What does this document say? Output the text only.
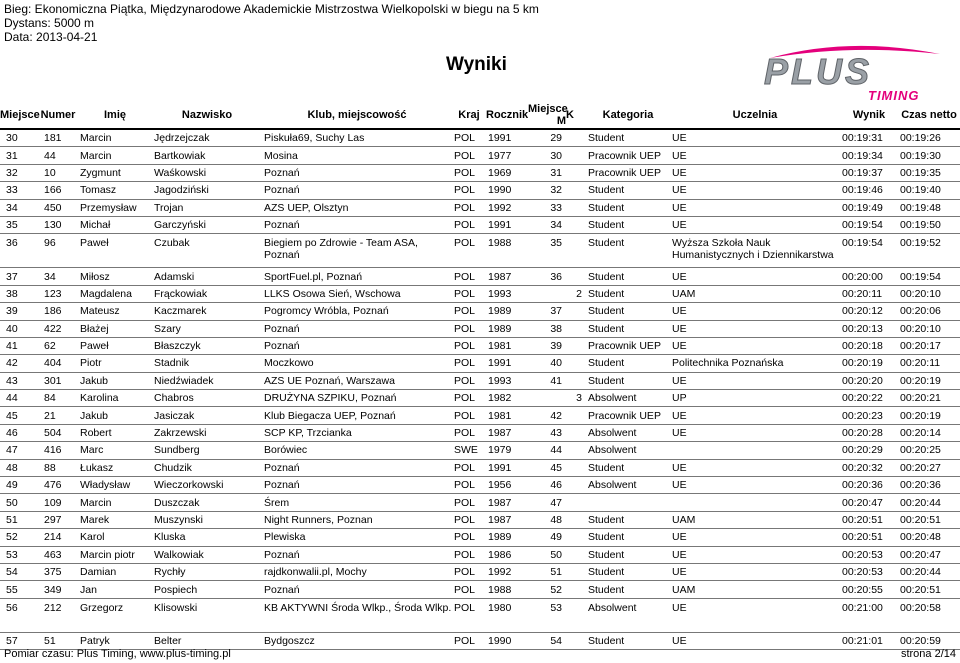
Bieg: Ekonomiczna Piątka, Międzynarodowe Akademickie Mistrzostwa Wielkopolski w biegu na 5 km
Dystans: 5000 m
Data: 2013-04-21
Wyniki	PLUS
TIMING
Miejsce	Numer	Imię	Nazwisko	Klub, miejscowość	Kraj	Rocznik	Miejsce M	K	Kategoria	Uczelnia	Wynik	Czas netto
30	181	Marcin	Jędrzejczak	Piskuła69, Suchy Las	POL	1991	29		Student	UE	00:19:31	00:19:26
31	44	Marcin	Bartkowiak	Mosina	POL	1977	30		Pracownik UEP	UE	00:19:34	00:19:30
32	10	Zygmunt	Waśkowski	Poznań	POL	1969	31		Pracownik UEP	UE	00:19:37	00:19:35
33	166	Tomasz	Jagodziński	Poznań	POL	1990	32		Student	UE	00:19:46	00:19:40
34	450	Przemysław	Trojan	AZS UEP, Olsztyn	POL	1992	33		Student	UE	00:19:49	00:19:48
35	130	Michał	Garczyński	Poznań	POL	1991	34		Student	UE	00:19:54	00:19:50
36	96	Paweł	Czubak	Biegiem po Zdrowie - Team ASA, Poznań	POL	1988	35		Student	Wyższa Szkoła Nauk Humanistycznych i Dziennikarstwa	00:19:54	00:19:52
37	34	Miłosz	Adamski	SportFuel.pl, Poznań	POL	1987	36		Student	UE	00:20:00	00:19:54
38	123	Magdalena	Frąckowiak	LLKS Osowa Sień, Wschowa	POL	1993		2	Student	UAM	00:20:11	00:20:10
39	186	Mateusz	Kaczmarek	Pogromcy Wróbla, Poznań	POL	1989	37		Student	UE	00:20:12	00:20:06
40	422	Błażej	Szary	Poznań	POL	1989	38		Student	UE	00:20:13	00:20:10
41	62	Paweł	Błaszczyk	Poznań	POL	1981	39		Pracownik UEP	UE	00:20:18	00:20:17
42	404	Piotr	Stadnik	Moczkowo	POL	1991	40		Student	Politechnika Poznańska	00:20:19	00:20:11
43	301	Jakub	Niedźwiadek	AZS UE Poznań, Warszawa	POL	1993	41		Student	UE	00:20:20	00:20:19
44	84	Karolina	Chabros	DRUŻYNA SZPIKU, Poznań	POL	1982		3	Absolwent	UP	00:20:22	00:20:21
45	21	Jakub	Jasiczak	Klub Biegacza UEP, Poznań	POL	1981	42		Pracownik UEP	UE	00:20:23	00:20:19
46	504	Robert	Zakrzewski	SCP KP, Trzcianka	POL	1987	43		Absolwent	UE	00:20:28	00:20:14
47	416	Marc	Sundberg	Borówiec	SWE	1979	44		Absolwent		00:20:29	00:20:25
48	88	Łukasz	Chudzik	Poznań	POL	1991	45		Student	UE	00:20:32	00:20:27
49	476	Władysław	Wieczorkowski	Poznań	POL	1956	46		Absolwent	UE	00:20:36	00:20:36
50	109	Marcin	Duszczak	Śrem	POL	1987	47				00:20:47	00:20:44
51	297	Marek	Muszynski	Night Runners, Poznan	POL	1987	48		Student	UAM	00:20:51	00:20:51
52	214	Karol	Kluska	Plewiska	POL	1989	49		Student	UE	00:20:51	00:20:48
53	463	Marcin piotr	Walkowiak	Poznań	POL	1986	50		Student	UE	00:20:53	00:20:47
54	375	Damian	Rychły	rajdkonwalii.pl, Mochy	POL	1992	51		Student	UE	00:20:53	00:20:44
55	349	Jan	Pospiech	Poznań	POL	1988	52		Student	UAM	00:20:55	00:20:51
56	212	Grzegorz	Klisowski	KB AKTYWNI Środa Wlkp., Środa Wlkp.	POL	1980	53		Absolwent	UE	00:21:00	00:20:58
57	51	Patryk	Belter	Bydgoszcz	POL	1990	54		Student	UE	00:21:01	00:20:59
Pomiar czasu: Plus Timing, www.plus-timing.pl	strona 2/14
